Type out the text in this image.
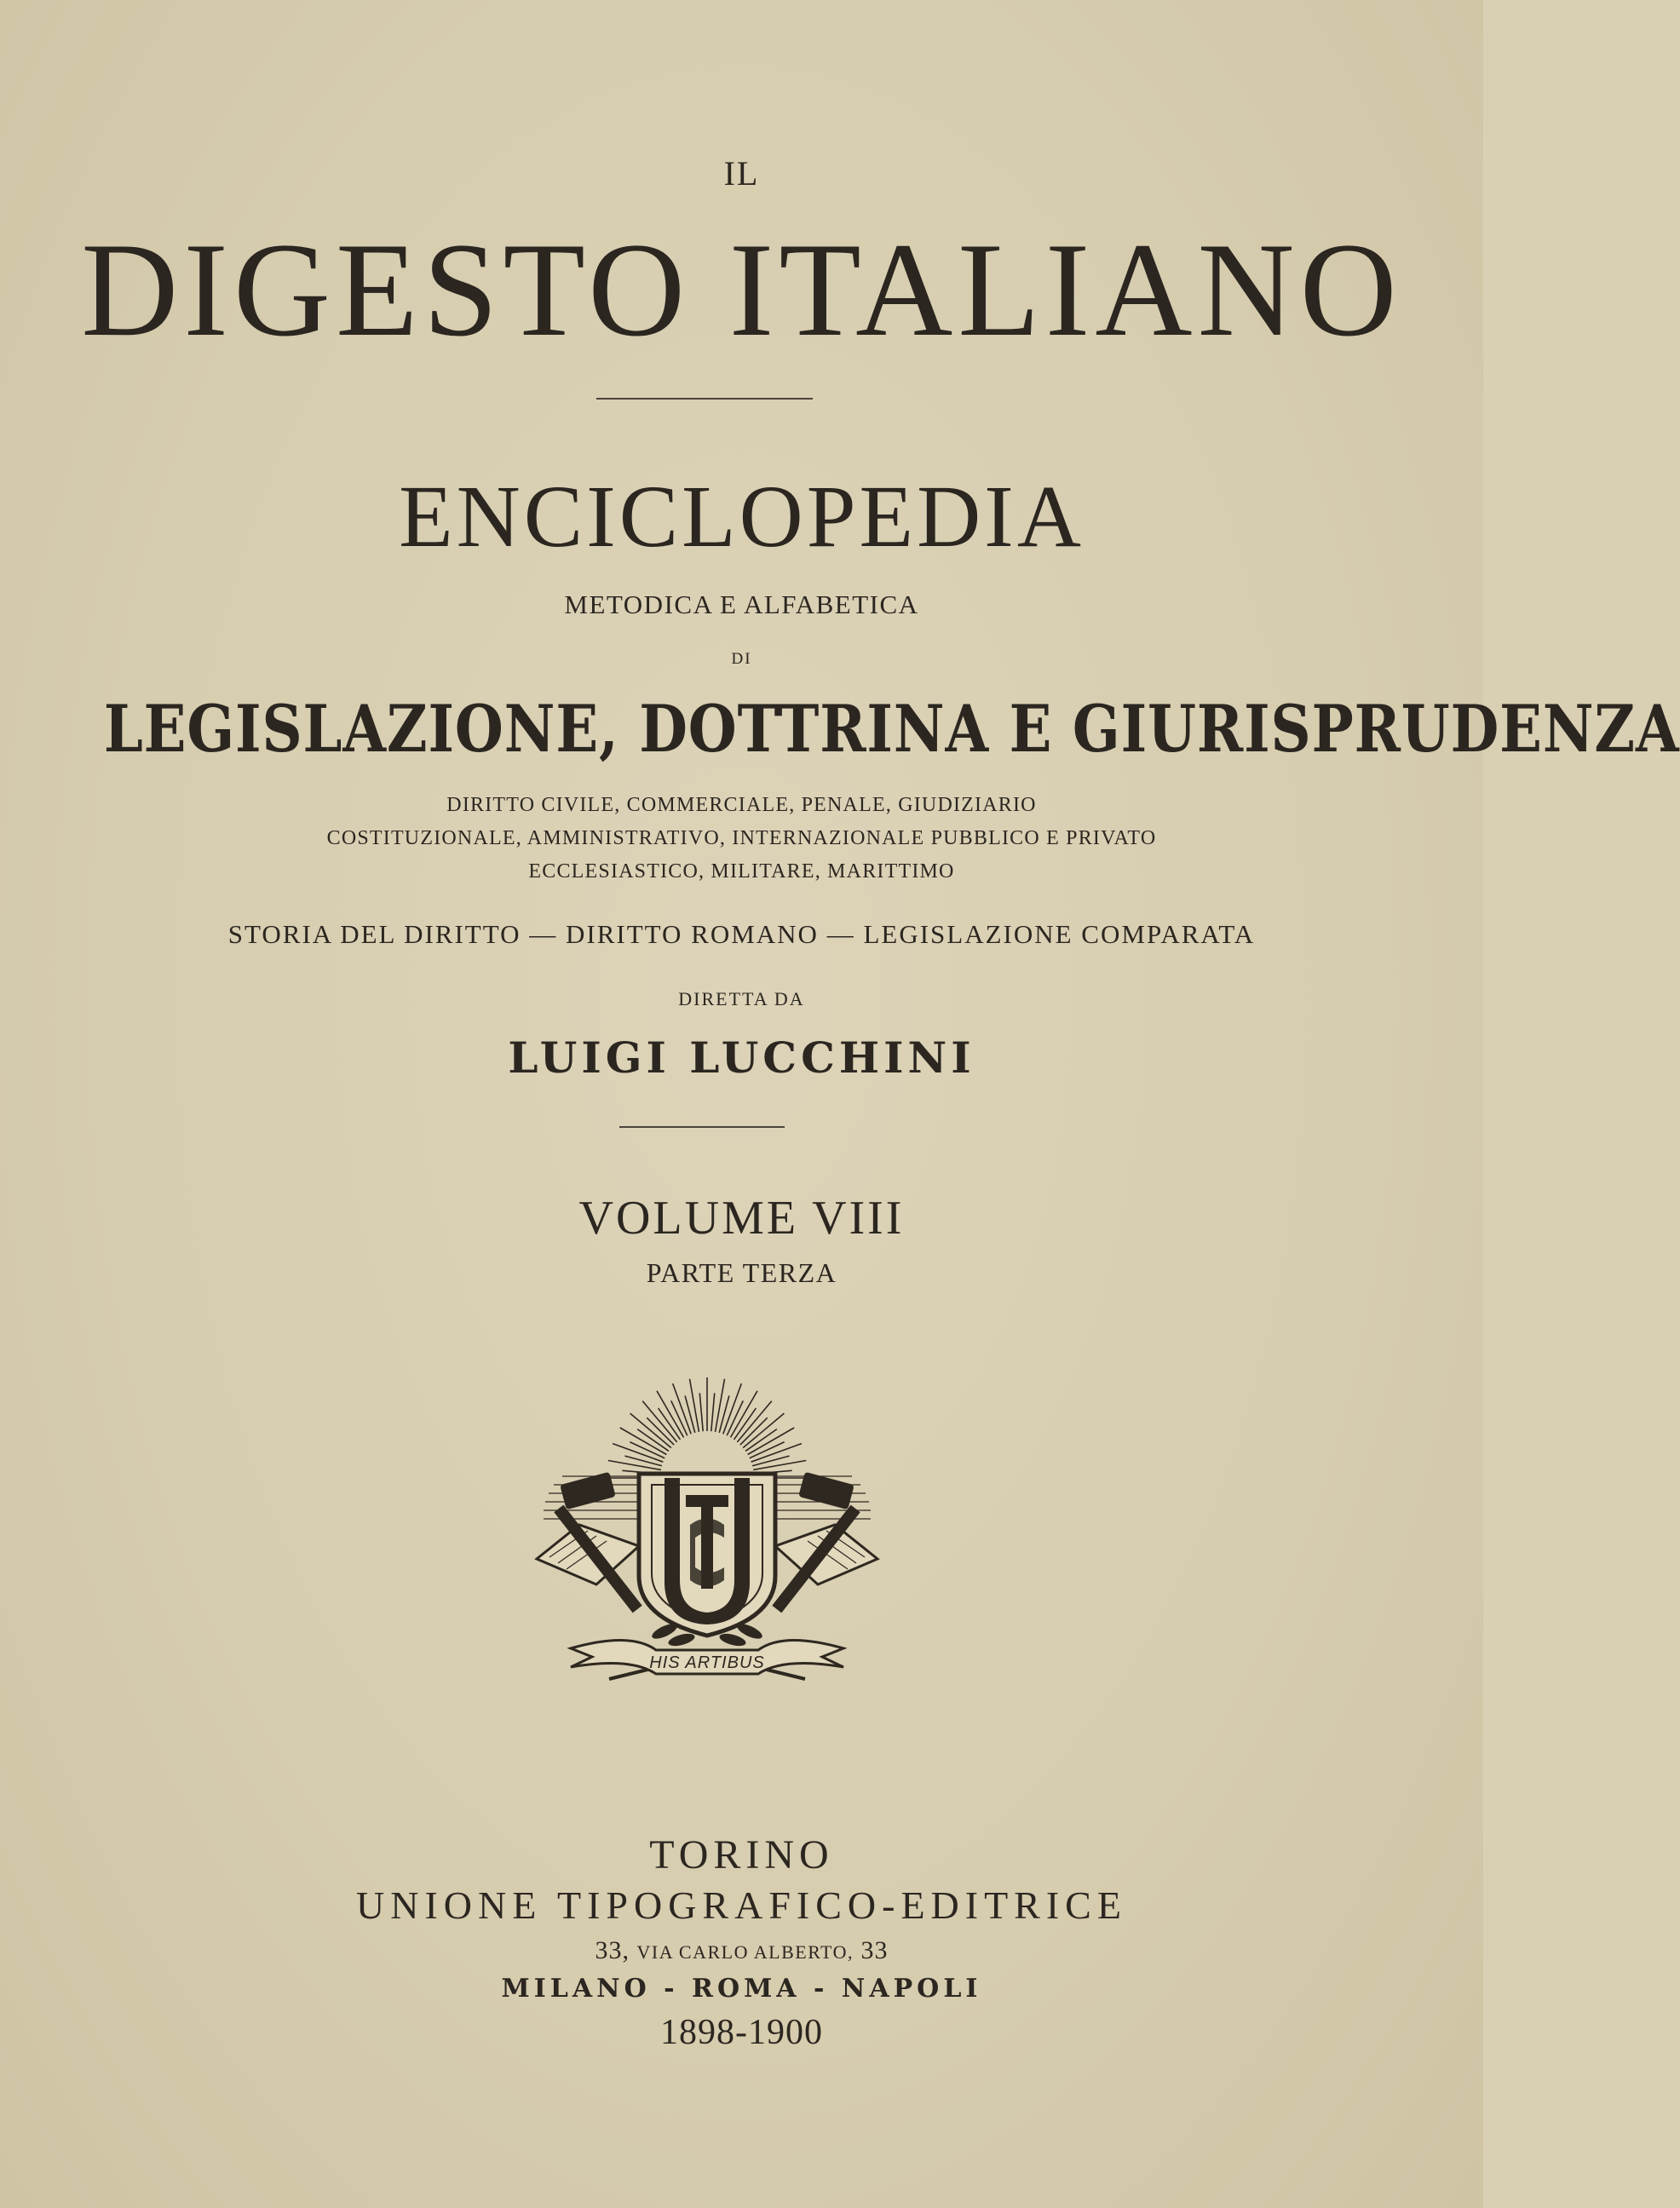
IL
DIGESTO ITALIANO
ENCICLOPEDIA
METODICA E ALFABETICA
DI
LEGISLAZIONE, DOTTRINA E GIURISPRUDENZA
DIRITTO CIVILE, COMMERCIALE, PENALE, GIUDIZIARIO
COSTITUZIONALE, AMMINISTRATIVO, INTERNAZIONALE PUBBLICO E PRIVATO
ECCLESIASTICO, MILITARE, MARITTIMO
STORIA DEL DIRITTO — DIRITTO ROMANO — LEGISLAZIONE COMPARATA
DIRETTA DA
LUIGI LUCCHINI
VOLUME VIII
PARTE TERZA
HIS ARTIBUS
TORINO
UNIONE TIPOGRAFICO-EDITRICE
33, VIA CARLO ALBERTO, 33
MILANO - ROMA - NAPOLI
1898-1900
